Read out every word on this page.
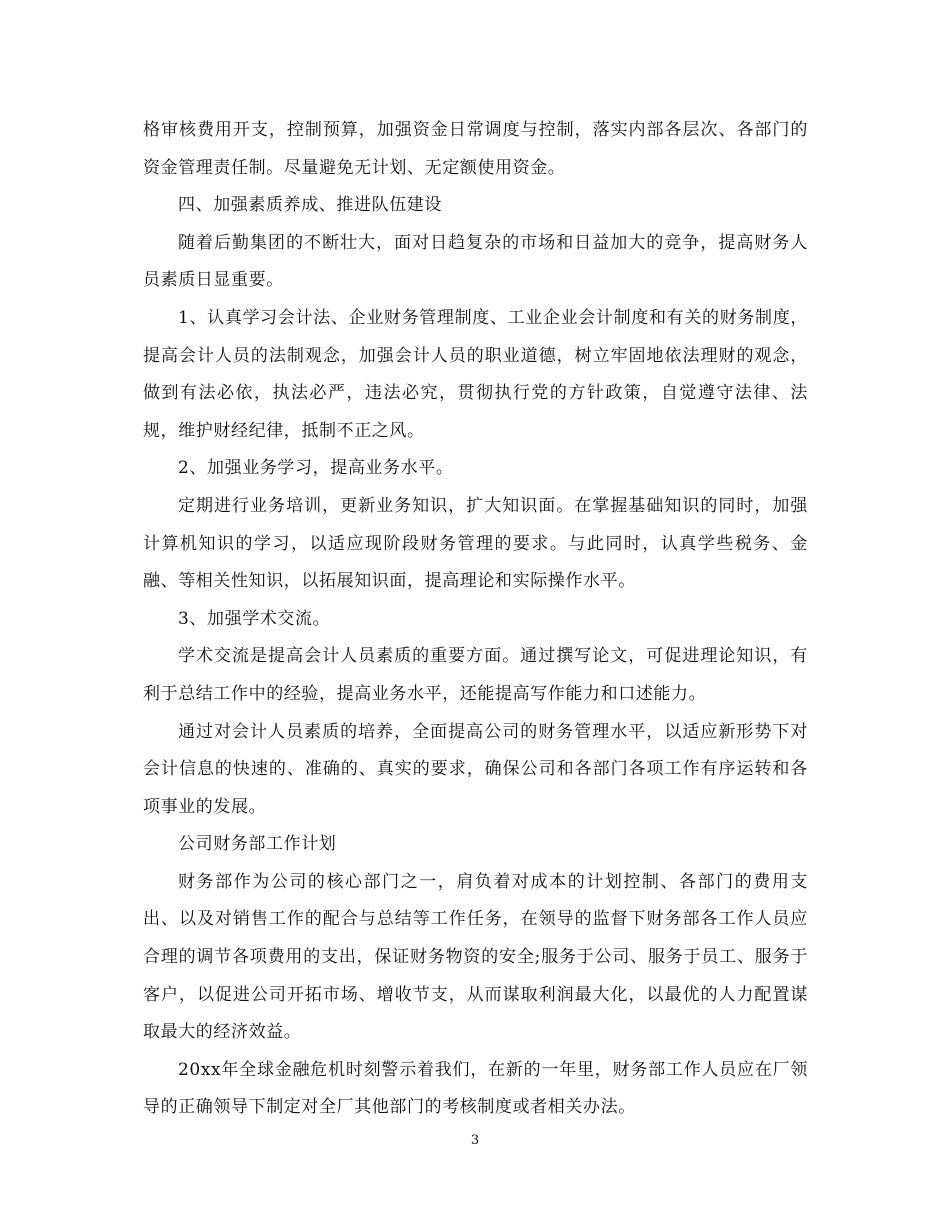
格审核费用开支，控制预算，加强资金日常调度与控制，落实内部各层次、各部门的资金管理责任制。尽量避免无计划、无定额使用资金。

四、加强素质养成、推进队伍建设

随着后勤集团的不断壮大，面对日趋复杂的市场和日益加大的竞争，提高财务人员素质日显重要。

1、认真学习会计法、企业财务管理制度、工业企业会计制度和有关的财务制度，提高会计人员的法制观念，加强会计人员的职业道德，树立牢固地依法理财的观念，做到有法必依，执法必严，违法必究，贯彻执行党的方针政策，自觉遵守法律、法规，维护财经纪律，抵制不正之风。

2、加强业务学习，提高业务水平。

定期进行业务培训，更新业务知识，扩大知识面。在掌握基础知识的同时，加强计算机知识的学习，以适应现阶段财务管理的要求。与此同时，认真学些税务、金融、等相关性知识，以拓展知识面，提高理论和实际操作水平。

3、加强学术交流。

学术交流是提高会计人员素质的重要方面。通过撰写论文，可促进理论知识，有利于总结工作中的经验，提高业务水平，还能提高写作能力和口述能力。

通过对会计人员素质的培养，全面提高公司的财务管理水平，以适应新形势下对会计信息的快速的、准确的、真实的要求，确保公司和各部门各项工作有序运转和各项事业的发展。

公司财务部工作计划

财务部作为公司的核心部门之一，肩负着对成本的计划控制、各部门的费用支出、以及对销售工作的配合与总结等工作任务，在领导的监督下财务部各工作人员应合理的调节各项费用的支出，保证财务物资的安全;服务于公司、服务于员工、服务于客户，以促进公司开拓市场、增收节支，从而谋取利润最大化，以最优的人力配置谋取最大的经济效益。

20xx年全球金融危机时刻警示着我们，在新的一年里，财务部工作人员应在厂领导的正确领导下制定对全厂其他部门的考核制度或者相关办法。

3
